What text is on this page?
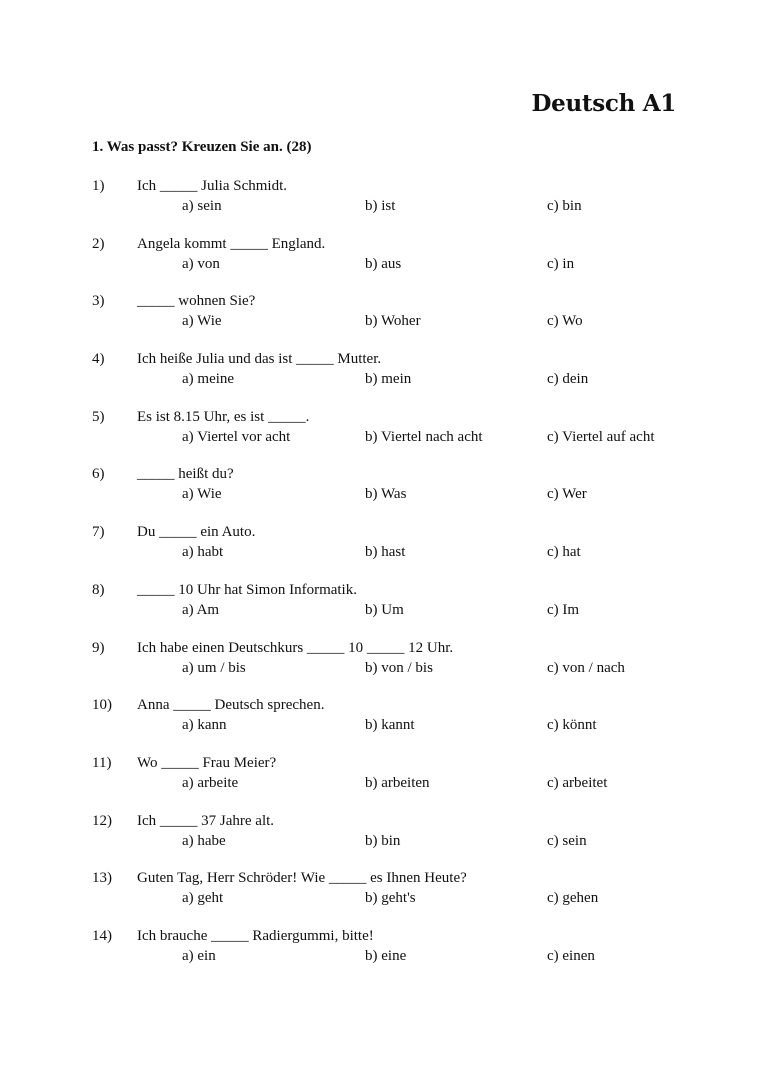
Deutsch A1
1. Was passt? Kreuzen Sie an. (28)
1) Ich _____ Julia Schmidt.
a) sein	b) ist	c) bin
2) Angela kommt _____ England.
a) von	b) aus	c) in
3) _____ wohnen Sie?
a) Wie	b) Woher	c) Wo
4) Ich heiße Julia und das ist _____ Mutter.
a) meine	b) mein	c) dein
5) Es ist 8.15 Uhr, es ist _____.
a) Viertel vor acht	b) Viertel nach acht	c) Viertel auf acht
6) _____ heißt du?
a) Wie	b) Was	c) Wer
7) Du _____ ein Auto.
a) habt	b) hast	c) hat
8) _____ 10 Uhr hat Simon Informatik.
a) Am	b) Um	c) Im
9) Ich habe einen Deutschkurs _____ 10 _____ 12 Uhr.
a) um / bis	b) von / bis	c) von / nach
10) Anna _____ Deutsch sprechen.
a) kann	b) kannt	c) könnt
11) Wo _____ Frau Meier?
a) arbeite	b) arbeiten	c) arbeitet
12) Ich _____ 37 Jahre alt.
a) habe	b) bin	c) sein
13) Guten Tag, Herr Schröder! Wie _____ es Ihnen Heute?
a) geht	b) geht's	c) gehen
14) Ich brauche _____ Radiergummi, bitte!
a) ein	b) eine	c) einen
